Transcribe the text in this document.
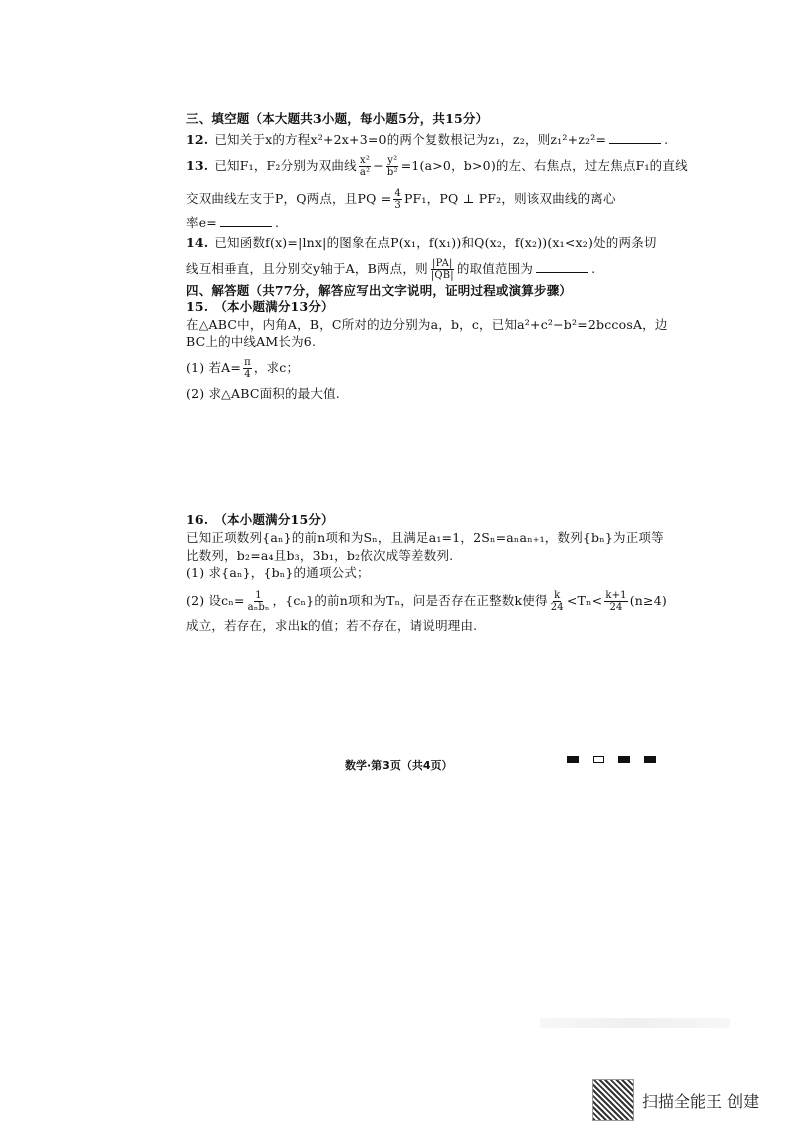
三、填空题（本大题共3小题，每小题5分，共15分）
12. 已知关于x的方程x²+2x+3=0的两个复数根记为z₁，z₂，则z₁²+z₂²=	.
13. 已知F₁，F₂分别为双曲线 $\frac{\text{x²}}{\text{a²}} - \frac{\text{y²}}{\text{b²}} =1(a>0$，b>0)的左、右焦点，过左焦点F₁的直线
交双曲线左支于P，Q两点，且PQ = $\frac{4}{3} PF_1$，PQ ⊥ PF₂，则该双曲线的离心
率e=	.
14. 已知函数f(x)=|lnx|的图象在点P(x₁，f(x₁))和Q(x₂，f(x₂))(x₁<x₂)处的两条切
线互相垂直，且分别交y轴于A，B两点，则 $\frac{|PA|}{|QB|}$ 的取值范围为	.
四、解答题（共77分，解答应写出文字说明，证明过程或演算步骤）
15. （本小题满分13分）
在△ABC中，内角A，B，C所对的边分别为a，b，c，已知a²+c²−b²=2bccosA，边
BC上的中线AM长为6.
(1) 若$A= \frac{\pi}{4}$ ，求c；
(2) 求△ABC面积的最大值.
16. （本小题满分15分）
已知正项数列{aₙ}的前n项和为Sₙ，且满足a₁=1，2Sₙ=aₙaₙ₊₁，数列{bₙ}为正项等
比数列，b₂=a₄且b₃，3b₁，b₂依次成等差数列.
(1) 求{aₙ}，{bₙ}的通项公式；
(2) 设$c_n= \frac{1}{\text{aₙbₙ}}$ ，{cₙ}的前n项和为Tₙ，问是否存在正整数k使得 $\frac{k}{24} <T_n< \frac{k+1}{24} (n\ge 4)$
成立，若存在，求出k的值；若不存在，请说明理由.
数学·第3页（共4页）
扫描全能王 创建
